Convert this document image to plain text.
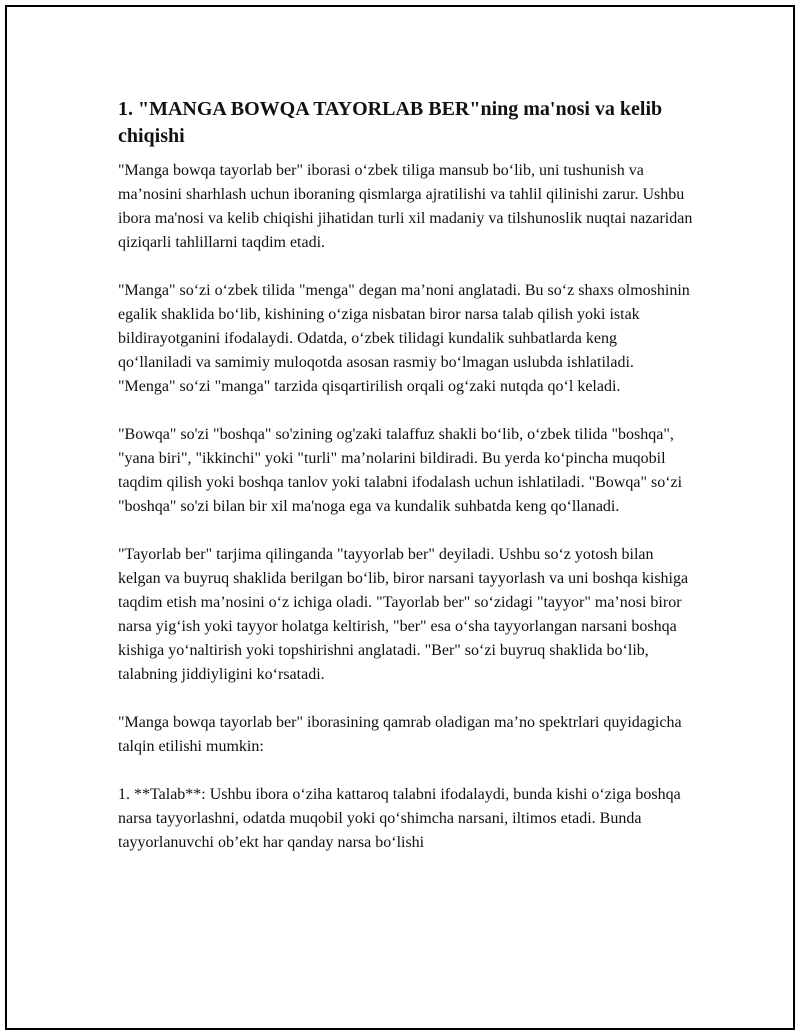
1. "MANGA BOWQA TAYORLAB BER"ning ma'nosi va kelib chiqishi

"Manga bowqa tayorlab ber" iborasi oʻzbek tiliga mansub boʻlib, uni tushunish va maʼnosini sharhlash uchun iboraning qismlarga ajratilishi va tahlil qilinishi zarur. Ushbu ibora ma'nosi va kelib chiqishi jihatidan turli xil madaniy va tilshunoslik nuqtai nazaridan qiziqarli tahlillarni taqdim etadi.

"Manga" soʻzi oʻzbek tilida "menga" degan maʼnoni anglatadi. Bu soʻz shaxs olmoshinin egalik shaklida boʻlib, kishining oʻziga nisbatan biror narsa talab qilish yoki istak bildirayotganini ifodalaydi. Odatda, oʻzbek tilidagi kundalik suhbatlarda keng qoʻllaniladi va samimiy muloqotda asosan rasmiy boʻlmagan uslubda ishlatiladi. "Menga" soʻzi "manga" tarzida qisqartirilish orqali ogʻzaki nutqda qoʻl keladi.

"Bowqa" so'zi "boshqa" so'zining og'zaki talaffuz shakli boʻlib, oʻzbek tilida "boshqa", "yana biri", "ikkinchi" yoki "turli" maʼnolarini bildiradi. Bu yerda koʻpincha muqobil taqdim qilish yoki boshqa tanlov yoki talabni ifodalash uchun ishlatiladi. "Bowqa" soʻzi "boshqa" so'zi bilan bir xil ma'noga ega va kundalik suhbatda keng qoʻllanadi.

"Tayorlab ber" tarjima qilinganda "tayyorlab ber" deyiladi. Ushbu soʻz yotosh bilan kelgan va buyruq shaklida berilgan boʻlib, biror narsani tayyorlash va uni boshqa kishiga taqdim etish maʼnosini oʻz ichiga oladi. "Tayorlab ber" soʻzidagi "tayyor" maʼnosi biror narsa yigʻish yoki tayyor holatga keltirish, "ber" esa oʻsha tayyorlangan narsani boshqa kishiga yoʻnaltirish yoki topshirishni anglatadi. "Ber" soʻzi buyruq shaklida boʻlib, talabning jiddiyligini koʻrsatadi.

"Manga bowqa tayorlab ber" iborasining qamrab oladigan maʼno spektrlari quyidagicha talqin etilishi mumkin:

1. **Talab**: Ushbu ibora oʻziha kattaroq talabni ifodalaydi, bunda kishi oʻziga boshqa narsa tayyorlashni, odatda muqobil yoki qoʻshimcha narsani, iltimos etadi. Bunda tayyorlanuvchi obʼekt har qanday narsa boʻlishi
